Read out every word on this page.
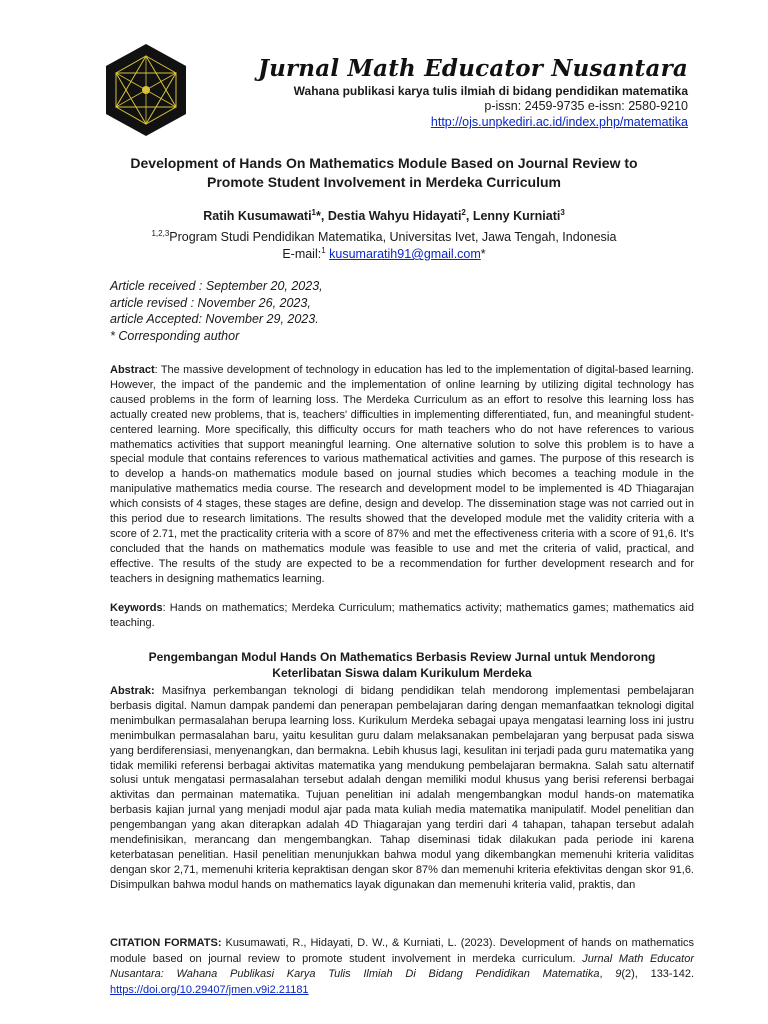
Jurnal Math Educator Nusantara
Wahana publikasi karya tulis ilmiah di bidang pendidikan matematika
p-issn: 2459-9735 e-issn: 2580-9210
http://ojs.unpkediri.ac.id/index.php/matematika
Development of Hands On Mathematics Module Based on Journal Review to
Promote Student Involvement in Merdeka Curriculum
Ratih Kusumawati$^1$*, Destia Wahyu Hidayati$^2$, Lenny Kurniati$^3$
$^{1,2,3}$Program Studi Pendidikan Matematika, Universitas Ivet, Jawa Tengah, Indonesia
E-mail:$^1$ kusumaratih91@gmail.com*
Article received : September 20, 2023,
article revised : November 26, 2023,
article Accepted: November 29, 2023.
* Corresponding author
Abstract: The massive development of technology in education has led to the implementation of digital-based learning. However, the impact of the pandemic and the implementation of online learning by utilizing digital technology has caused problems in the form of learning loss. The Merdeka Curriculum as an effort to resolve this learning loss has actually created new problems, that is, teachers' difficulties in implementing differentiated, fun, and meaningful student-centered learning. More specifically, this difficulty occurs for math teachers who do not have references to various mathematics activities that support meaningful learning. One alternative solution to solve this problem is to have a special module that contains references to various mathematical activities and games. The purpose of this research is to develop a hands-on mathematics module based on journal studies which becomes a teaching module in the manipulative mathematics media course. The research and development model to be implemented is 4D Thiagarajan which consists of 4 stages, these stages are define, design and develop. The dissemination stage was not carried out in this period due to research limitations. The results showed that the developed module met the validity criteria with a score of 2.71, met the practicality criteria with a score of 87% and met the effectiveness criteria with a score of 91,6. It’s concluded that the hands on mathematics module was feasible to use and met the criteria of valid, practical, and effective. The results of the study are expected to be a recommendation for further development research and for teachers in designing mathematics learning.
Keywords: Hands on mathematics; Merdeka Curriculum; mathematics activity; mathematics games; mathematics aid teaching.
Pengembangan Modul Hands On Mathematics Berbasis Review Jurnal untuk Mendorong
Keterlibatan Siswa dalam Kurikulum Merdeka
Abstrak: Masifnya perkembangan teknologi di bidang pendidikan telah mendorong implementasi pembelajaran berbasis digital. Namun dampak pandemi dan penerapan pembelajaran daring dengan memanfaatkan teknologi digital menimbulkan permasalahan berupa learning loss. Kurikulum Merdeka sebagai upaya mengatasi learning loss ini justru menimbulkan permasalahan baru, yaitu kesulitan guru dalam melaksanakan pembelajaran yang berpusat pada siswa yang berdiferensiasi, menyenangkan, dan bermakna. Lebih khusus lagi, kesulitan ini terjadi pada guru matematika yang tidak memiliki referensi berbagai aktivitas matematika yang mendukung pembelajaran bermakna. Salah satu alternatif solusi untuk mengatasi permasalahan tersebut adalah dengan memiliki modul khusus yang berisi referensi berbagai aktivitas dan permainan matematika. Tujuan penelitian ini adalah mengembangkan modul hands-on matematika berbasis kajian jurnal yang menjadi modul ajar pada mata kuliah media matematika manipulatif. Model penelitian dan pengembangan yang akan diterapkan adalah 4D Thiagarajan yang terdiri dari 4 tahapan, tahapan tersebut adalah mendefinisikan, merancang dan mengembangkan. Tahap diseminasi tidak dilakukan pada periode ini karena keterbatasan penelitian. Hasil penelitian menunjukkan bahwa modul yang dikembangkan memenuhi kriteria validitas dengan skor 2,71, memenuhi kriteria kepraktisan dengan skor 87% dan memenuhi kriteria efektivitas dengan skor 91,6. Disimpulkan bahwa modul hands on mathematics layak digunakan dan memenuhi kriteria valid, praktis, dan
CITATION FORMATS: Kusumawati, R., Hidayati, D. W., & Kurniati, L. (2023). Development of hands on mathematics module based on journal review to promote student involvement in merdeka curriculum. Jurnal Math Educator Nusantara: Wahana Publikasi Karya Tulis Ilmiah Di Bidang Pendidikan Matematika, 9(2), 133-142. https://doi.org/10.29407/jmen.v9i2.21181
